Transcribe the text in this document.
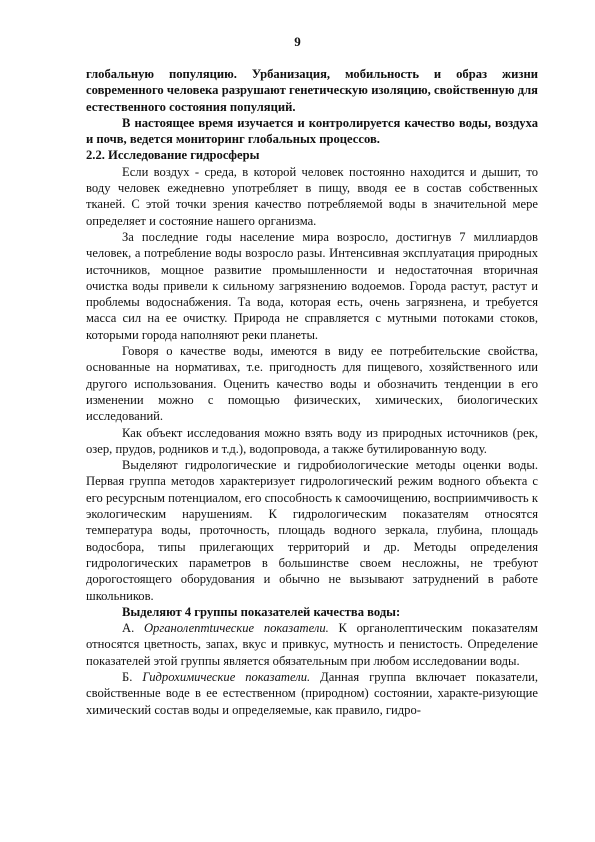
9

глобальную популяцию. Урбанизация, мобильность и образ жизни современного человека разрушают генетическую изоляцию, свойственную для естественного состояния популяций.

В настоящее время изучается и контролируется качество воды, воздуха и почв, ведется мониторинг глобальных процессов.

2.2. Исследование гидросферы

Если воздух - среда, в которой человек постоянно находится и дышит, то воду человек ежедневно употребляет в пищу, вводя ее в состав собственных тканей. С этой точки зрения качество потребляемой воды в значительной мере определяет и состояние нашего организма.

За последние годы население мира возросло, достигнув 7 миллиардов человек, а потребление воды возросло разы. Интенсивная эксплуатация природных источников, мощное развитие промышленности и недостаточная вторичная очистка воды привели к сильному загрязнению водоемов. Города растут, растут и проблемы водоснабжения. Та вода, которая есть, очень загрязнена, и требуется масса сил на ее очистку. Природа не справляется с мутными потоками стоков, которыми города наполняют реки планеты.

Говоря о качестве воды, имеются в виду ее потребительские свойства, основанные на нормативах, т.е. пригодность для пищевого, хозяйственного или другого использования. Оценить качество воды и обозначить тенденции в его изменении можно с помощью физических, химических, биологических исследований.

Как объект исследования можно взять воду из природных источников (рек, озер, прудов, родников и т.д.), водопровода, а также бутилированную воду.

Выделяют гидрологические и гидробиологические методы оценки воды. Первая группа методов характеризует гидрологический режим водного объекта с его ресурсным потенциалом, его способность к самоочищению, восприимчивость к экологическим нарушениям. К гидрологическим показателям относятся температура воды, проточность, площадь водного зеркала, глубина, площадь водосбора, типы прилегающих территорий и др. Методы определения гидрологических параметров в большинстве своем несложны, не требуют дорогостоящего оборудования и обычно не вызывают затруднений в работе школьников.

Выделяют 4 группы показателей качества воды:

А. Органолептtические показатели. К органолептическим показателям относятся цветность, запах, вкус и привкус, мутность и пенистость. Определение показателей этой группы является обязательным при любом исследовании воды.

Б. Гидрохимические показатели. Данная группа включает показатели, свойственные воде в ее естественном (природном) состоянии, характе-ризующие химический состав воды и определяемые, как правило, гидро-
